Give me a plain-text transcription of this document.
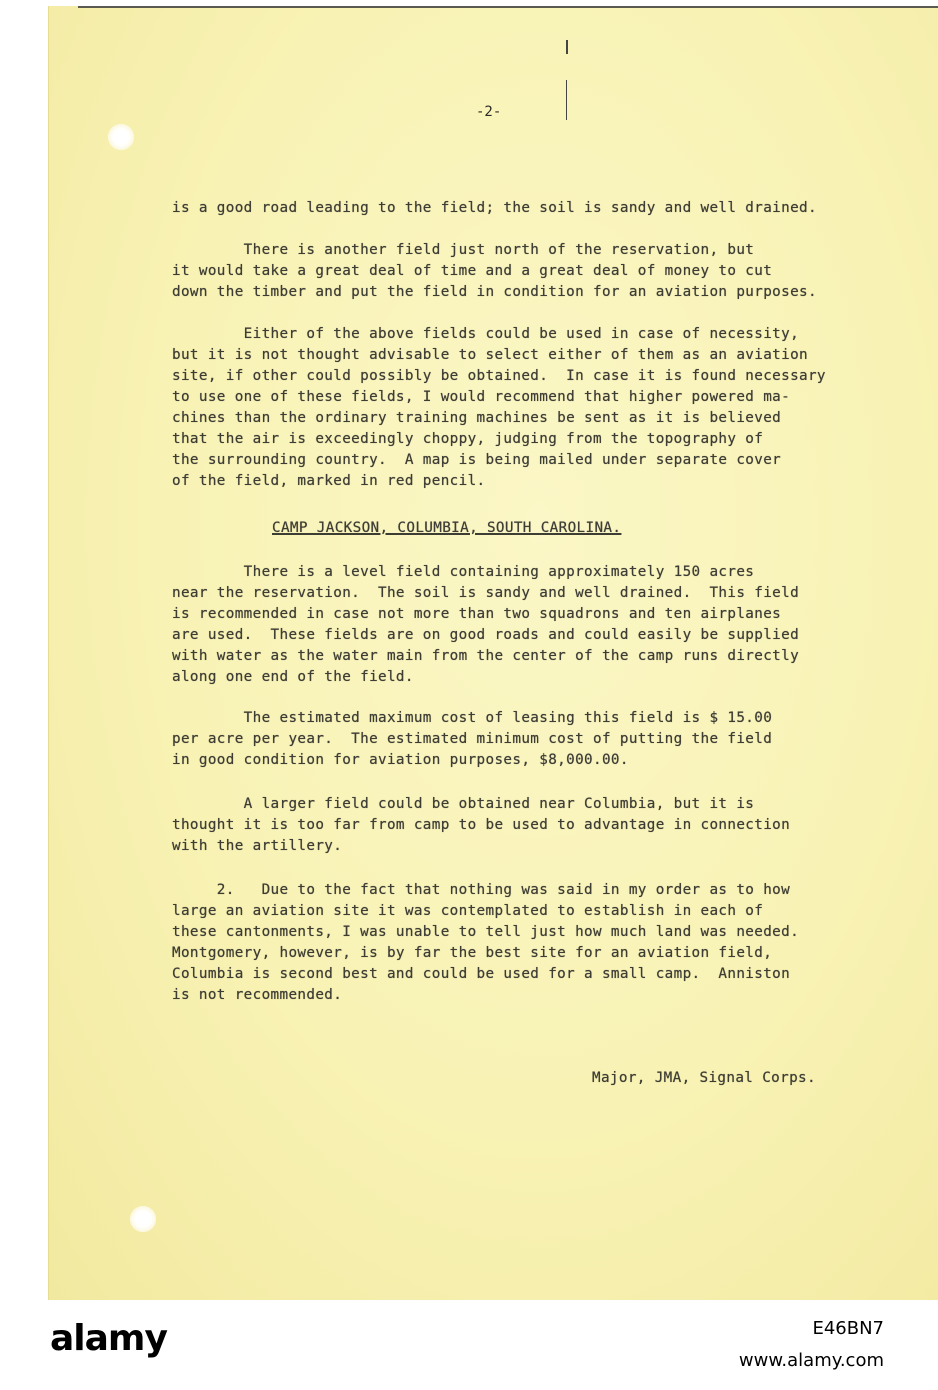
-2-
is a good road leading to the field; the soil is sandy and well drained.
There is another field just north of the reservation, but
it would take a great deal of time and a great deal of money to cut
down the timber and put the field in condition for an aviation purposes.
Either of the above fields could be used in case of necessity,
but it is not thought advisable to select either of them as an aviation
site, if other could possibly be obtained.  In case it is found necessary
to use one of these fields, I would recommend that higher powered ma-
chines than the ordinary training machines be sent as it is believed
that the air is exceedingly choppy, judging from the topography of
the surrounding country.  A map is being mailed under separate cover
of the field, marked in red pencil.
There is a level field containing approximately 150 acres
near the reservation.  The soil is sandy and well drained.  This field
is recommended in case not more than two squadrons and ten airplanes
are used.  These fields are on good roads and could easily be supplied
with water as the water main from the center of the camp runs directly
along one end of the field.
The estimated maximum cost of leasing this field is $ 15.00
per acre per year.  The estimated minimum cost of putting the field
in good condition for aviation purposes, $8,000.00.
A larger field could be obtained near Columbia, but it is
thought it is too far from camp to be used to advantage in connection
with the artillery.
2.   Due to the fact that nothing was said in my order as to how
large an aviation site it was contemplated to establish in each of
these cantonments, I was unable to tell just how much land was needed.
Montgomery, however, is by far the best site for an aviation field,
Columbia is second best and could be used for a small camp.  Anniston
is not recommended.
CAMP JACKSON, COLUMBIA, SOUTH CAROLINA.
Major, JMA, Signal Corps.
alamy	E46BN7
www.alamy.com
